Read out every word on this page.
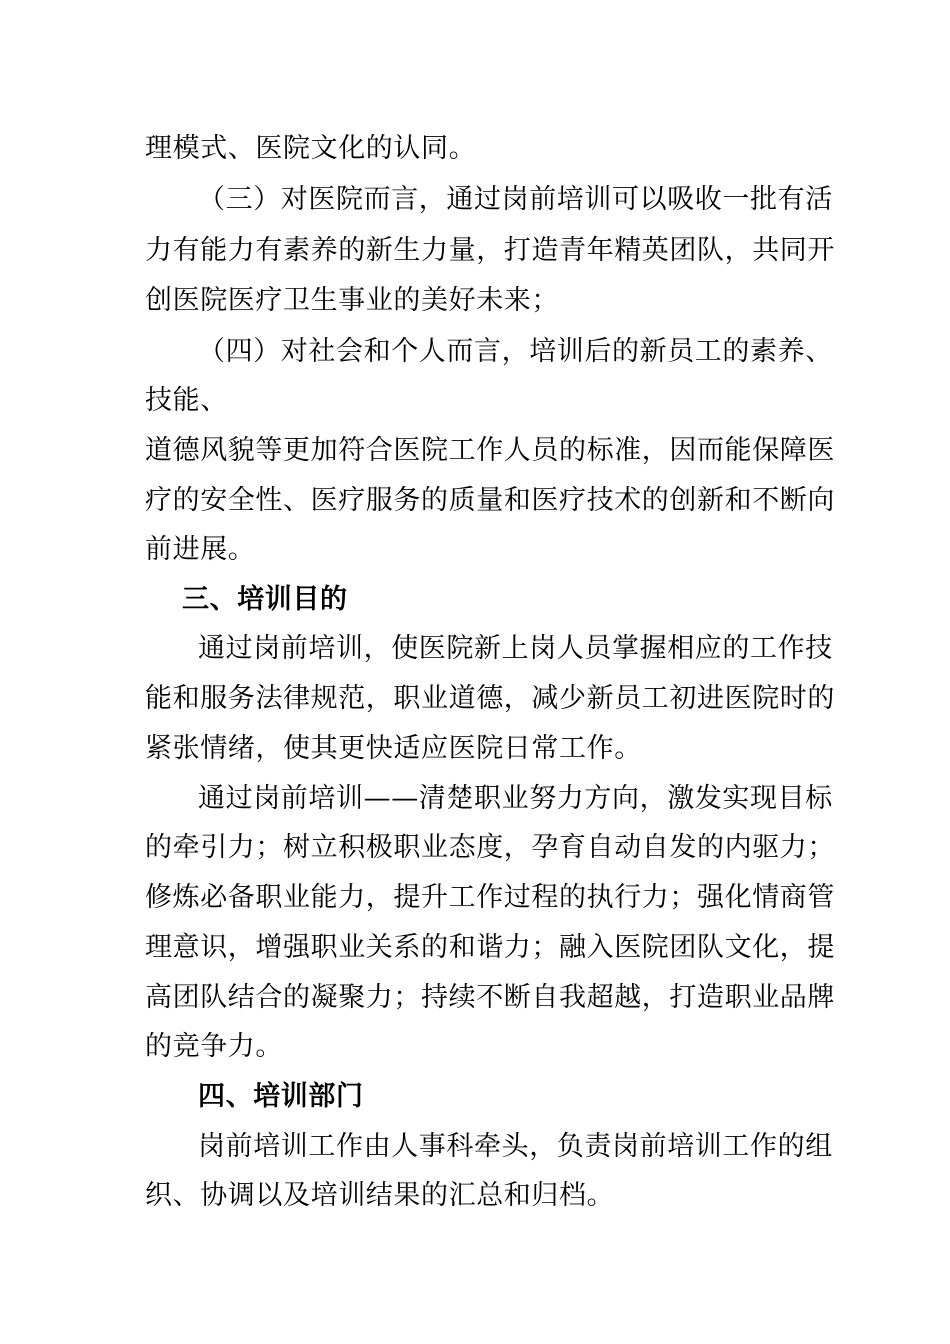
理模式、医院文化的认同。
（三）对医院而言，通过岗前培训可以吸收一批有活
力有能力有素养的新生力量，打造青年精英团队，共同开
创医院医疗卫生事业的美好未来；
（四）对社会和个人而言，培训后的新员工的素养、
技能、
道德风貌等更加符合医院工作人员的标准，因而能保障医
疗的安全性、医疗服务的质量和医疗技术的创新和不断向
前进展。
三、培训目的
通过岗前培训，使医院新上岗人员掌握相应的工作技
能和服务法律规范，职业道德，减少新员工初进医院时的
紧张情绪，使其更快适应医院日常工作。
通过岗前培训——清楚职业努力方向，激发实现目标
的牵引力；树立积极职业态度，孕育自动自发的内驱力；
修炼必备职业能力，提升工作过程的执行力；强化情商管
理意识，增强职业关系的和谐力；融入医院团队文化，提
高团队结合的凝聚力；持续不断自我超越，打造职业品牌
的竞争力。
四、培训部门
岗前培训工作由人事科牵头，负责岗前培训工作的组
织、协调以及培训结果的汇总和归档。
